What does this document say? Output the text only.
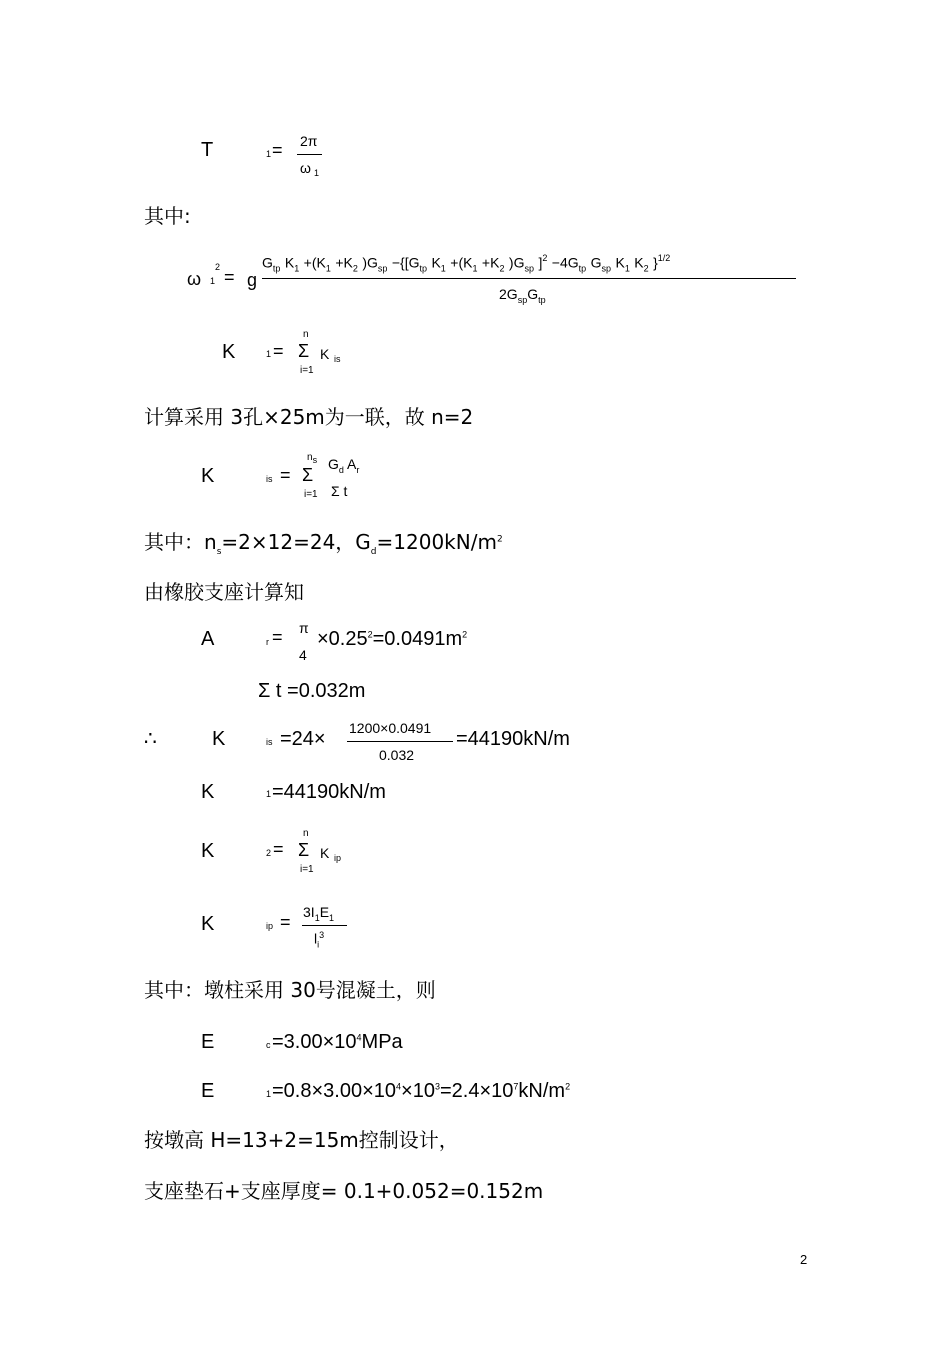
T	1 = 2π
ω 1
其中:
ω 1
2 = g
$G_{tp}$ $K_1 +(K_1 +K_2$ )$G_{sp} -\{[G_{tp}$ $K_1 +(K_1 +K_2$ )$G_{sp}$ ]$^2 -4G_{tp}$ $G_{sp}$ $K_1$ $K_2$ }$^{1/2}$
$2G_{sp}G_{tp}$
K	1 =
n
Σ
i=1
K is
计算采用 3孔×25m为一联，故 n=2
K	is =
$n_s$
Σ
i=1
$G_d$ $A_r$
Σ t
其中：$n_s=2\times 12=24$，$G_d=1200kN/m^2$
由橡胶支座计算知
A	r = π
4
$\times 0.25^2=0.0491m^2$
Σ t =0.032m
∴	K	is =24× 1200×0.0491
0.032
=44190kN/m
K	1 =44190kN/m
K	2 =
n
Σ
i=1
K ip
K	ip = $3I_1E_1$
$l_i^3$
其中：墩柱采用 30号混凝土，则
E	$c =3.00\times 10^4MPa$
E	$1 =0.8\times 3.00\times 10^4\times 10^3=2.4\times 10^7kN/m^2$
按墩高 H=13+2=15m控制设计，
支座垫石+支座厚度= 0.1+0.052=0.152m
2
